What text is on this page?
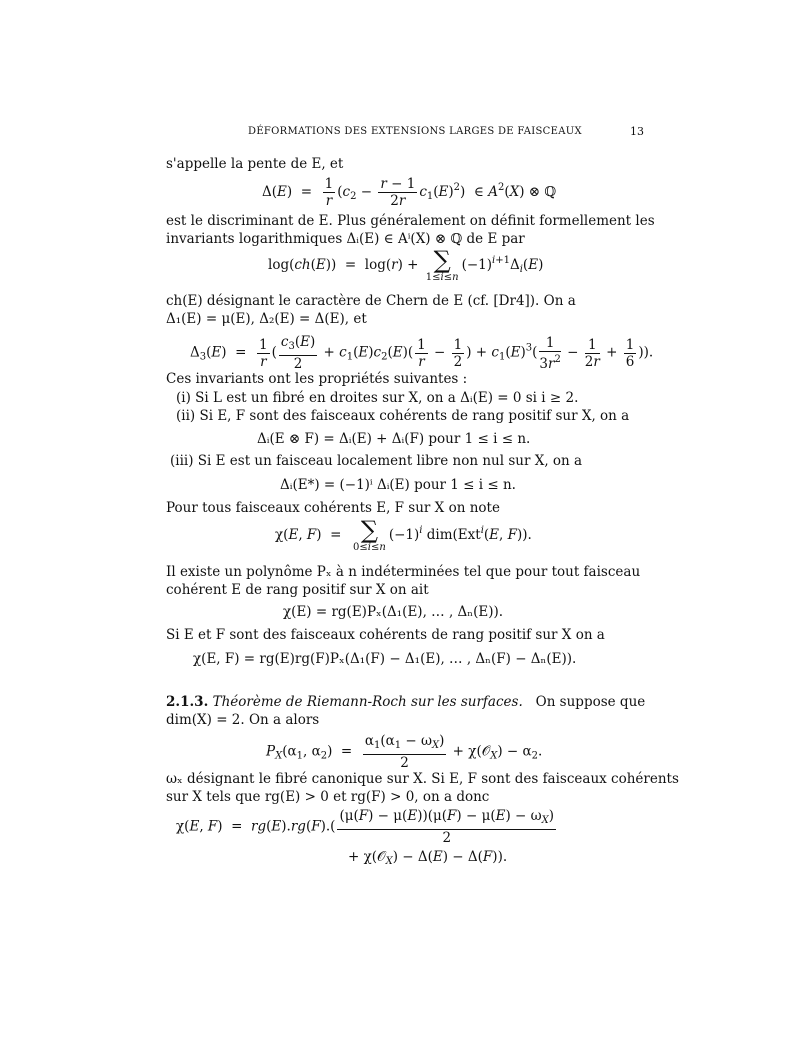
DÉFORMATIONS DES EXTENSIONS LARGES DE FAISCEAUX	13
s'appelle la pente de E, et
$\Delta(E) = \frac{1}{r} (c_2 - \frac{r - 1}{2r} c_1(E)^2)$  ∈ $A^2(X)$ ⊗ ℚ
est le discriminant de E. Plus généralement on définit formellement les
invariants logarithmiques Δᵢ(E) ∈ Aⁱ(X) ⊗ ℚ de E par
log(ch(E))  =  log(r) + ∑
1≤i≤n
$(-1)^{i+1}\Delta_i(E)$
ch(E) désignant le caractère de Chern de E (cf. [Dr4]). On a
Δ₁(E) = μ(E), Δ₂(E) = Δ(E), et
$\Delta_3(E) = \frac{1}{r}$ ( $\frac{c_3(E)}{2} + c_1(E)c_2(E)( \frac{1}{r} - \frac{1}{2}$ ) + $c_1(E)^3( \frac{1}{3r^2} - \frac{1}{2r} + \frac{1}{6}$ )).
Ces invariants ont les propriétés suivantes :
(i) Si L est un fibré en droites sur X, on a Δᵢ(E) = 0 si i ≥ 2.
(ii) Si E, F sont des faisceaux cohérents de rang positif sur X, on a
Δᵢ(E ⊗ F) = Δᵢ(E) + Δᵢ(F) pour 1 ≤ i ≤ n.
(iii) Si E est un faisceau localement libre non nul sur X, on a
Δᵢ(E*) = (−1)ⁱ Δᵢ(E) pour 1 ≤ i ≤ n.
Pour tous faisceaux cohérents E, F sur X on note
χ(E, F)  = ∑
0≤i≤n
$(-1)^i$ dim(Ext$^i$(E, F)).
Il existe un polynôme Pₓ à n indéterminées tel que pour tout faisceau
cohérent E de rang positif sur X on ait
χ(E) = rg(E)Pₓ(Δ₁(E), … , Δₙ(E)).
Si E et F sont des faisceaux cohérents de rang positif sur X on a
χ(E, F) = rg(E)rg(F)Pₓ(Δ₁(F) − Δ₁(E), … , Δₙ(F) − Δₙ(E)).
2.1.3. Théorème de Riemann-Roch sur les surfaces. On suppose que
dim(X) = 2. On a alors
$P_X(\alpha_1$, $\alpha_2) = \frac{\alpha_1(\alpha_1 - \omega_X)}{2}$ + χ(𝒪$_X$) − $\alpha_2$.
ωₓ désignant le fibré canonique sur X. Si E, F sont des faisceaux cohérents
sur X tels que rg(E) > 0 et rg(F) > 0, on a donc
χ(E, $F) = rg(E).rg(F).( \frac{(\mu(F) - \mu(E))(\mu(F) - \mu(E) - \omega_X)}{2}$
+ χ(𝒪$_X$) − Δ(E) − Δ(F)).
